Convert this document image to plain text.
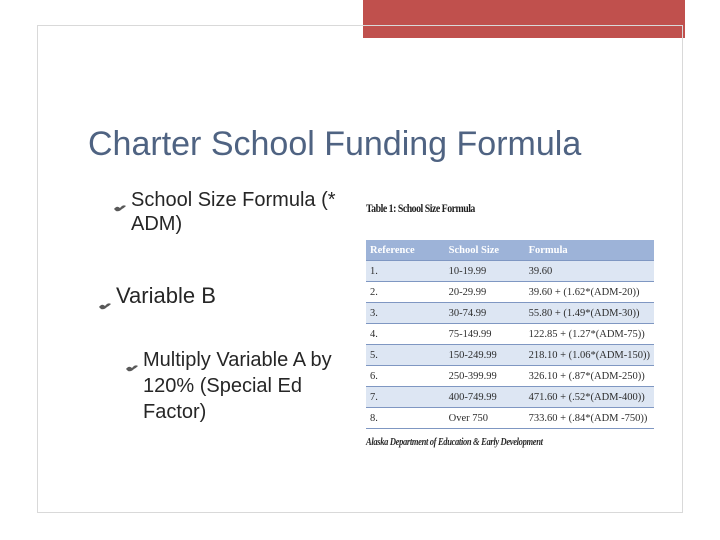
Charter School Funding Formula
School Size Formula (* ADM)
Variable B
Multiply Variable A by 120% (Special Ed Factor)
Table 1: School Size Formula
Reference	School Size	Formula
1.	10-19.99	39.60
2.	20-29.99	39.60 + (1.62*(ADM-20))
3.	30-74.99	55.80 + (1.49*(ADM-30))
4.	75-149.99	122.85 + (1.27*(ADM-75))
5.	150-249.99	218.10 + (1.06*(ADM-150))
6.	250-399.99	326.10 + (.87*(ADM-250))
7.	400-749.99	471.60 + (.52*(ADM-400))
8.	Over 750	733.60 + (.84*(ADM -750))
Alaska Department of Education & Early Development
